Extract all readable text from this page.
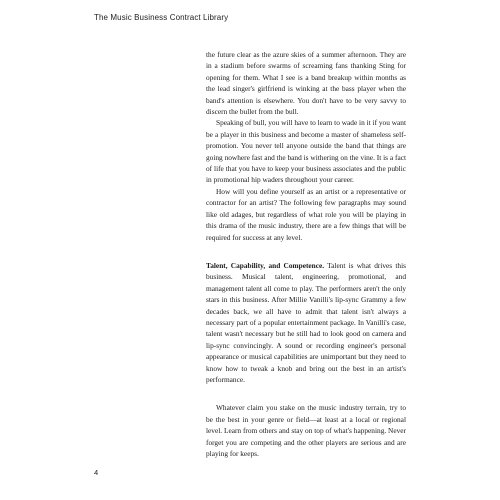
The Music Business Contract Library

the future clear as the azure skies of a summer afternoon. They are in a stadium before swarms of screaming fans thanking Sting for opening for them. What I see is a band breakup within months as the lead singer's girlfriend is winking at the bass player when the band's attention is elsewhere. You don't have to be very savvy to discern the bullet from the bull.

Speaking of bull, you will have to learn to wade in it if you want be a player in this business and become a master of shameless self-promotion. You never tell anyone outside the band that things are going nowhere fast and the band is withering on the vine. It is a fact of life that you have to keep your business associates and the public in promotional hip waders throughout your career.

How will you define yourself as an artist or a representative or contractor for an artist? The following few paragraphs may sound like old adages, but regardless of what role you will be playing in this drama of the music industry, there are a few things that will be required for success at any level.

Talent, Capability, and Competence. Talent is what drives this business. Musical talent, engineering, promotional, and management talent all come to play. The performers aren't the only stars in this business. After Millie Vanilli's lip-sync Grammy a few decades back, we all have to admit that talent isn't always a necessary part of a popular entertainment package. In Vanilli's case, talent wasn't necessary but he still had to look good on camera and lip-sync convincingly. A sound or recording engineer's personal appearance or musical capabilities are unimportant but they need to know how to tweak a knob and bring out the best in an artist's performance.

Whatever claim you stake on the music industry terrain, try to be the best in your genre or field—at least at a local or regional level. Learn from others and stay on top of what's happening. Never forget you are competing and the other players are serious and are playing for keeps.

4
